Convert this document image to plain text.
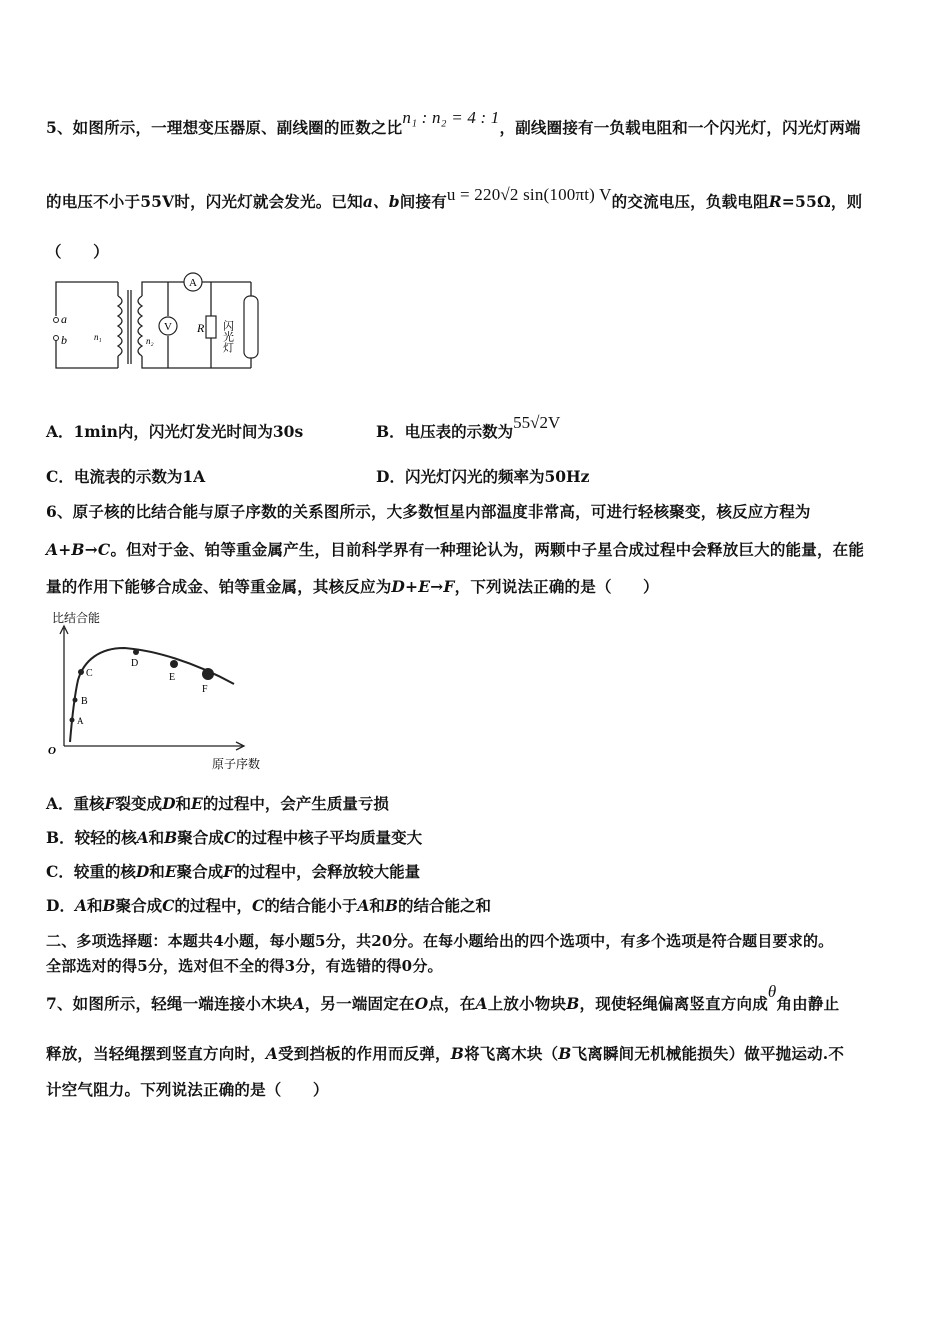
5、如图所示，一理想变压器原、副线圈的匝数之比n₁ : n₂ = 4 : 1，副线圈接有一负载电阻和一个闪光灯，闪光灯两端
的电压不小于55V时，闪光灯就会发光。已知a、b间接有u = 220√2 sin(100πt) V的交流电压，负载电阻R=55Ω，则
（　　）
a
b	n₁	n₂
A
V R 闪光灯
A．1min内，闪光灯发光时间为30s	B．电压表的示数为55√2V
C．电流表的示数为1A	D．闪光灯闪光的频率为50Hz
6、原子核的比结合能与原子序数的关系图所示，大多数恒星内部温度非常高，可进行轻核聚变，核反应方程为
A+B→C。但对于金、铂等重金属产生，目前科学界有一种理论认为，两颗中子星合成过程中会释放巨大的能量，在能
量的作用下能够合成金、铂等重金属，其核反应为D+E→F，下列说法正确的是（　　）
比结合能
原子序数
O
A
B
C
D
E
F
A．重核F裂变成D和E的过程中，会产生质量亏损
B．较轻的核A和B聚合成C的过程中核子平均质量变大
C．较重的核D和E聚合成F的过程中，会释放较大能量
D．A和B聚合成C的过程中，C的结合能小于A和B的结合能之和
二、多项选择题：本题共4小题，每小题5分，共20分。在每小题给出的四个选项中，有多个选项是符合题目要求的。
全部选对的得5分，选对但不全的得3分，有选错的得0分。
7、如图所示，轻绳一端连接小木块A，另一端固定在O点，在A上放小物块B，现使轻绳偏离竖直方向成θ角由静止
释放，当轻绳摆到竖直方向时，A受到挡板的作用而反弹，B将飞离木块（B飞离瞬间无机械能损失）做平抛运动.不
计空气阻力。下列说法正确的是（　　）
